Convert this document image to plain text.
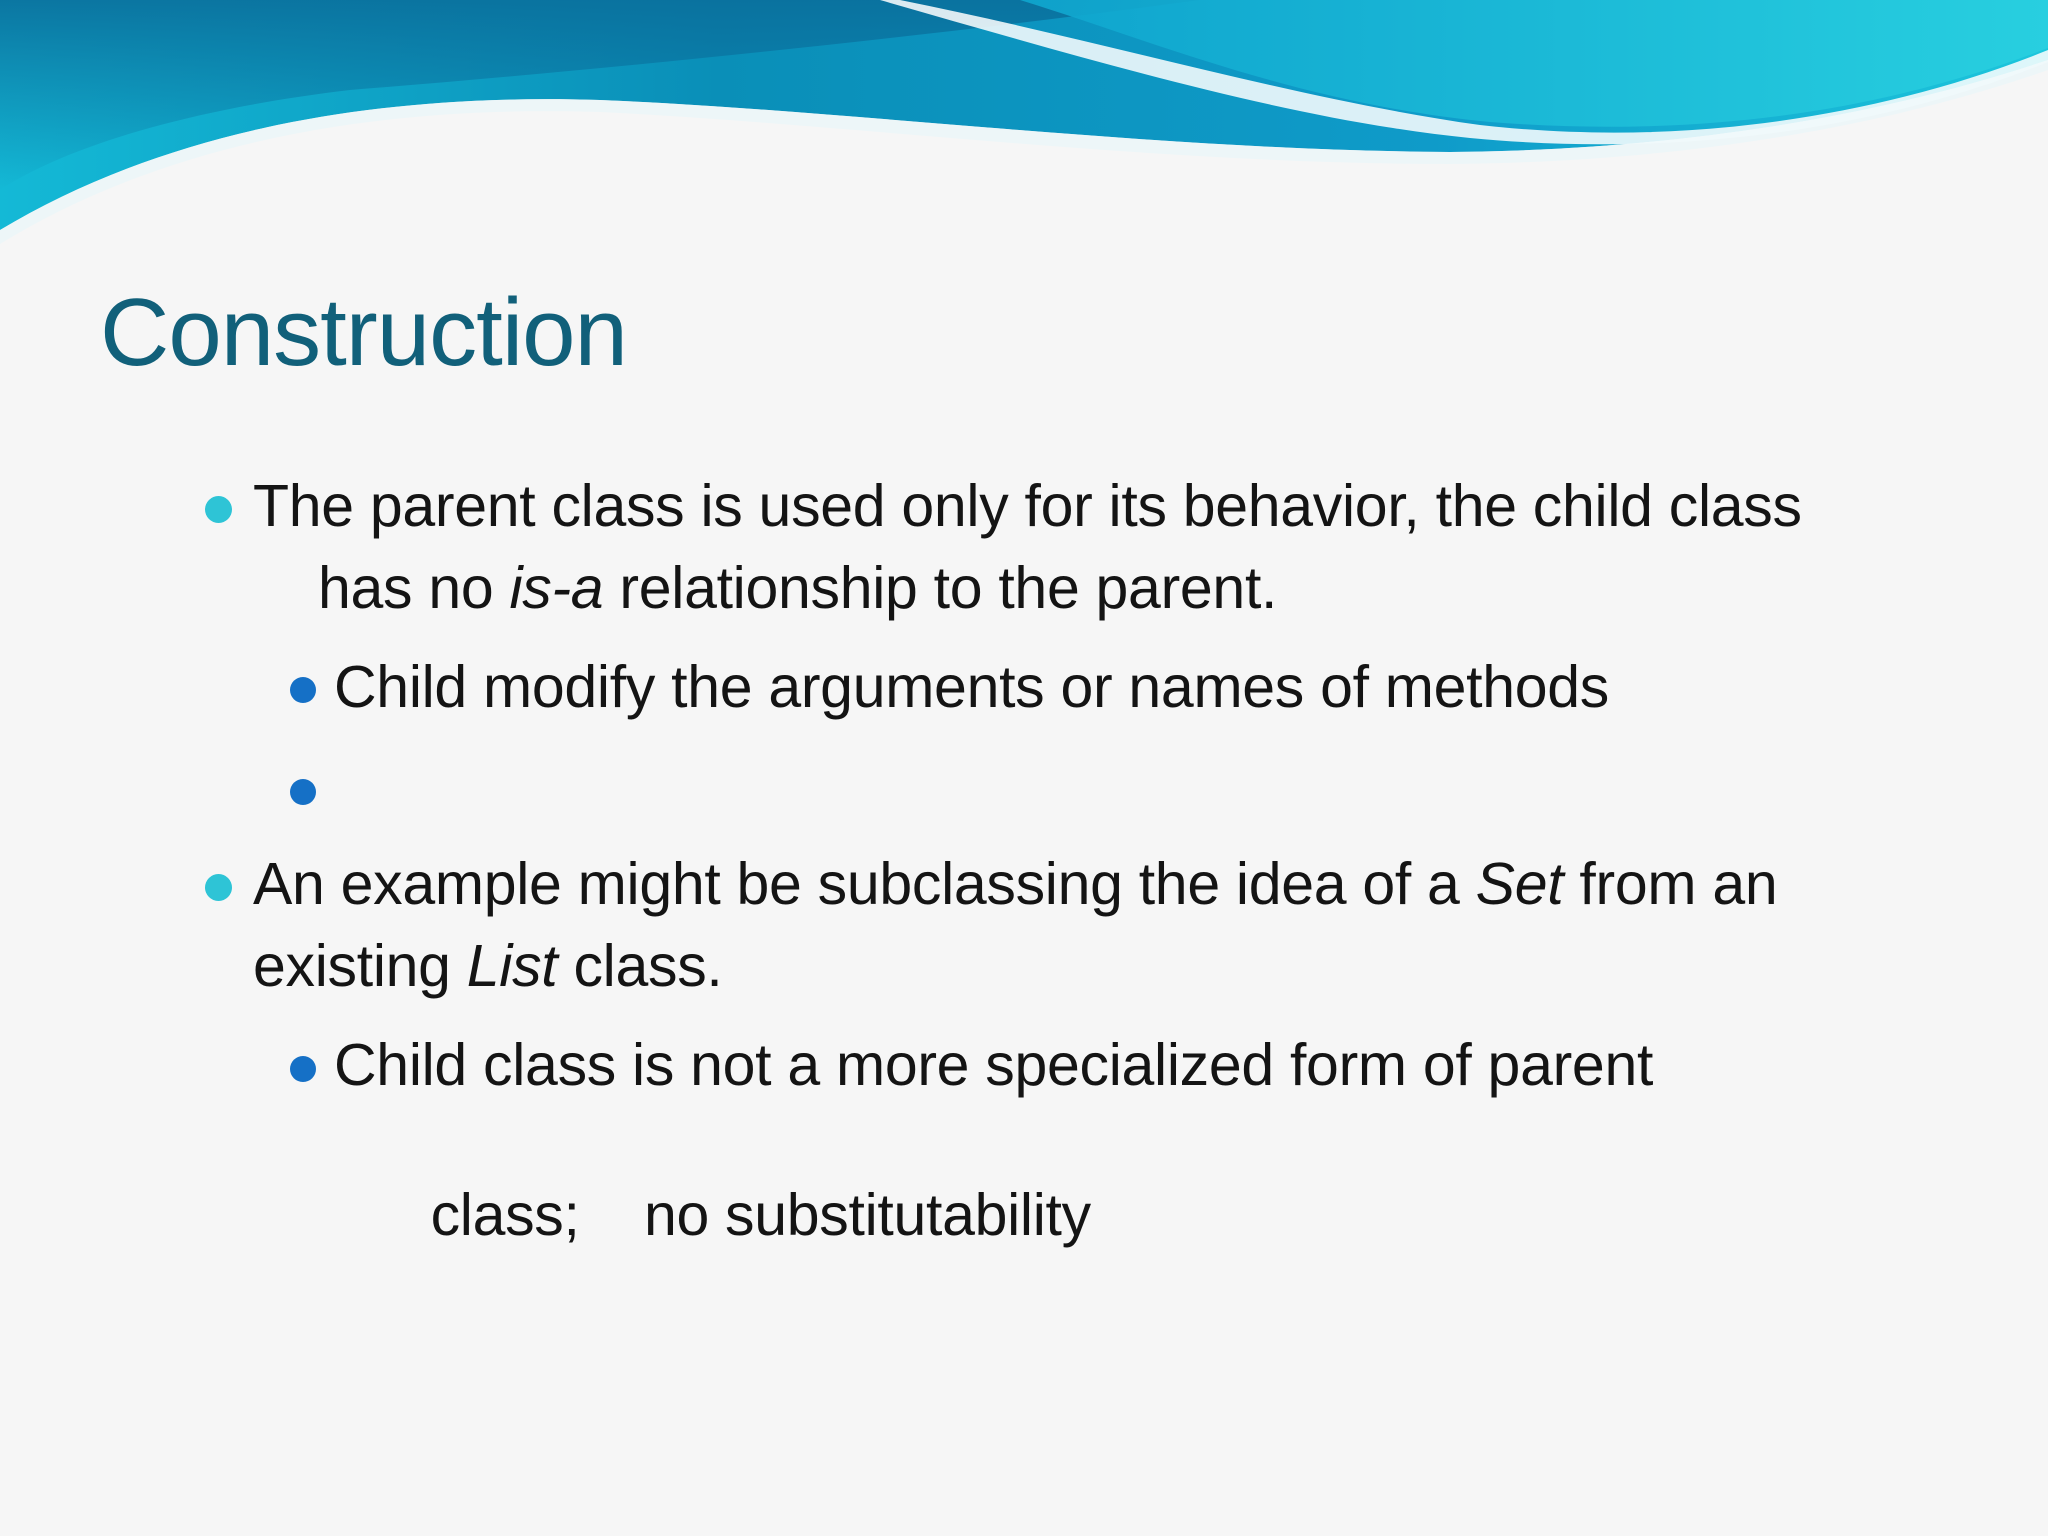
Construction
The parent class is used only for its behavior, the child class
has no is-a relationship to the parent.
Child modify the arguments or names of methods
An example might be subclassing the idea of a Set from an
existing List class.
Child class is not a more specialized form of parent

class;    no substitutability
